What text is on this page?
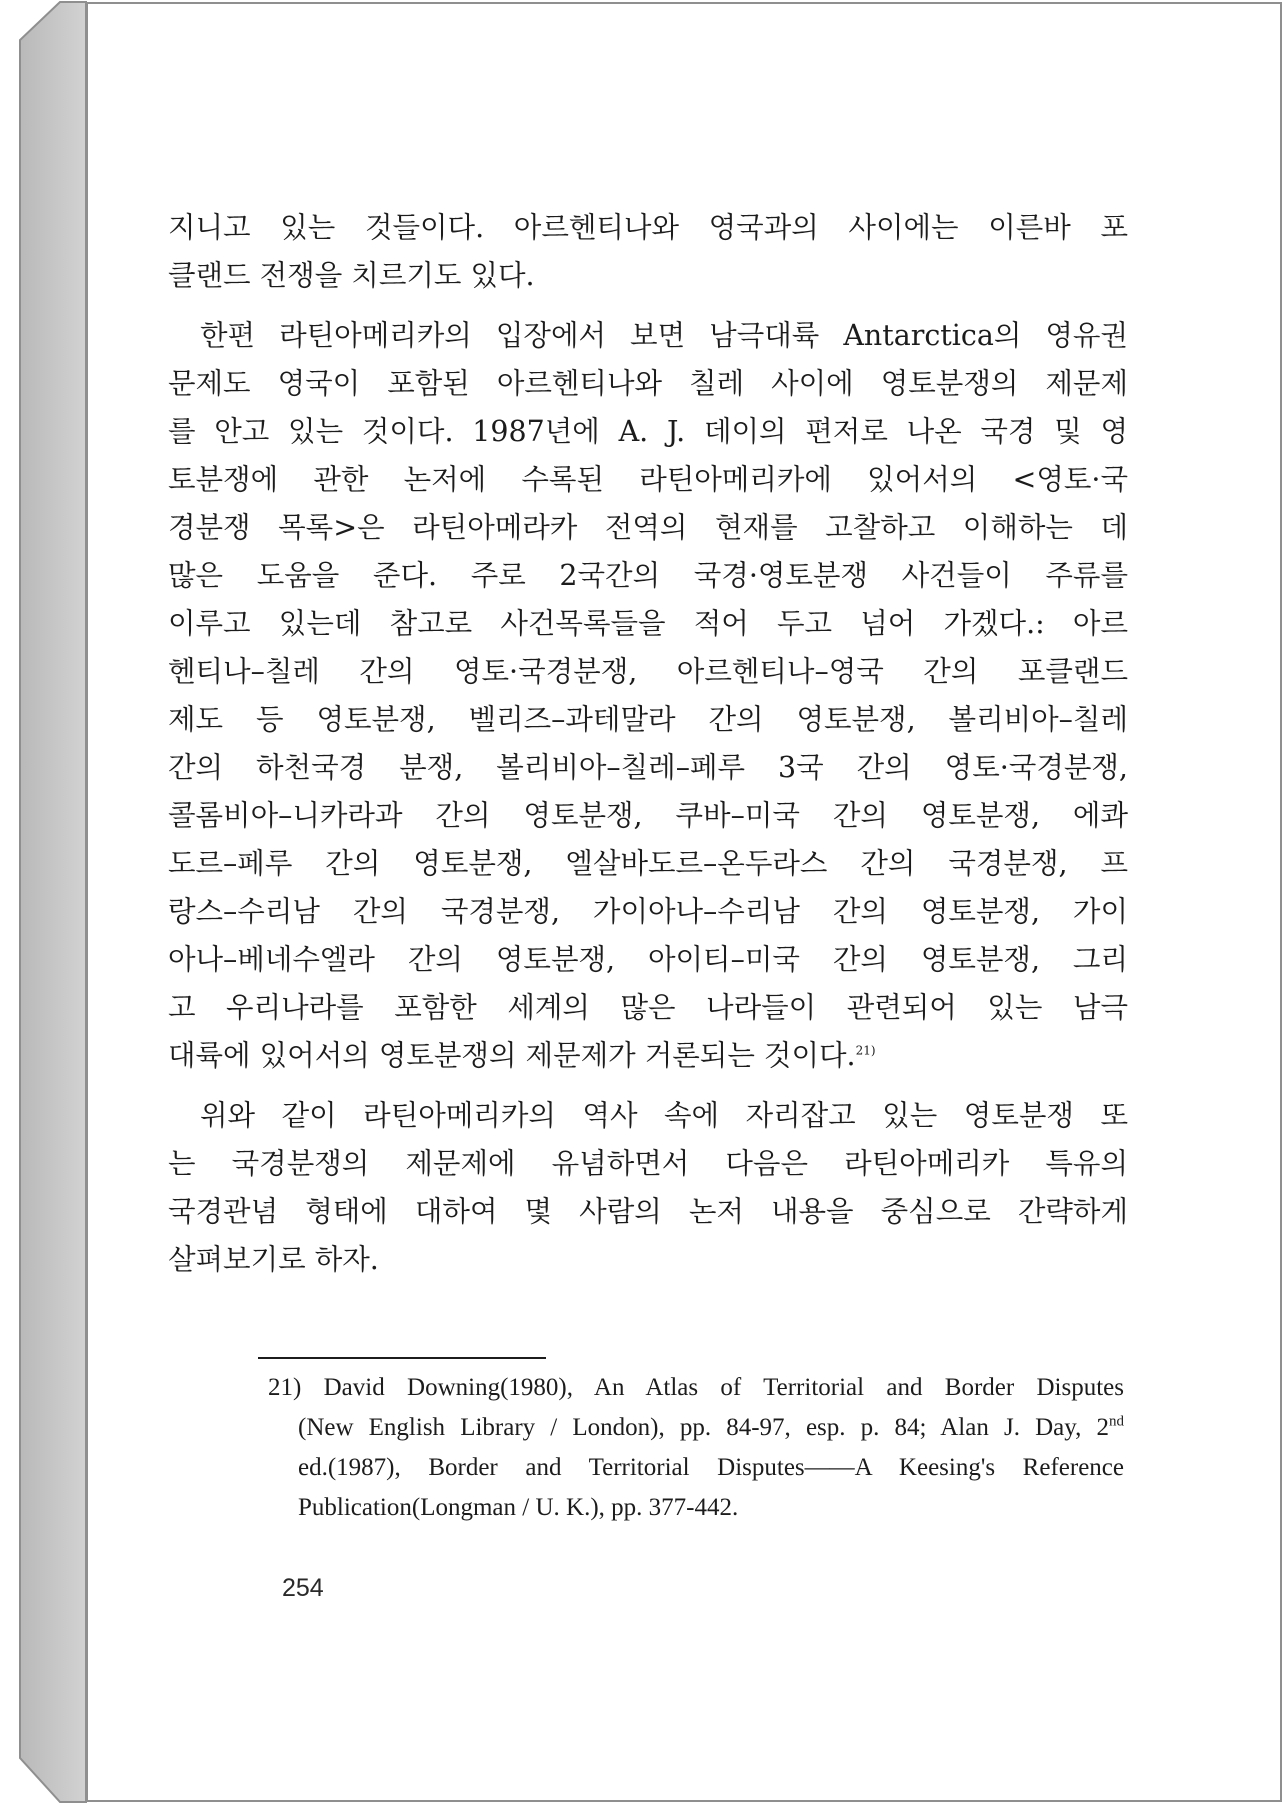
지니고 있는 것들이다. 아르헨티나와 영국과의 사이에는 이른바 포
클랜드 전쟁을 치르기도 있다.
한편 라틴아메리카의 입장에서 보면 남극대륙 Antarctica의 영유권
문제도 영국이 포함된 아르헨티나와 칠레 사이에 영토분쟁의 제문제
를 안고 있는 것이다. 1987년에 A. J. 데이의 편저로 나온 국경 및 영
토분쟁에 관한 논저에 수록된 라틴아메리카에 있어서의 <영토·국
경분쟁 목록>은 라틴아메라카 전역의 현재를 고찰하고 이해하는 데
많은 도움을 준다. 주로 2국간의 국경·영토분쟁 사건들이 주류를
이루고 있는데 참고로 사건목록들을 적어 두고 넘어 가겠다.: 아르
헨티나–칠레 간의 영토·국경분쟁, 아르헨티나–영국 간의 포클랜드
제도 등 영토분쟁, 벨리즈–과테말라 간의 영토분쟁, 볼리비아–칠레
간의 하천국경 분쟁, 볼리비아–칠레–페루 3국 간의 영토·국경분쟁,
콜롬비아–니카라과 간의 영토분쟁, 쿠바–미국 간의 영토분쟁, 에콰
도르–페루 간의 영토분쟁, 엘살바도르–온두라스 간의 국경분쟁, 프
랑스–수리남 간의 국경분쟁, 가이아나–수리남 간의 영토분쟁, 가이
아나–베네수엘라 간의 영토분쟁, 아이티–미국 간의 영토분쟁, 그리
고 우리나라를 포함한 세계의 많은 나라들이 관련되어 있는 남극
대륙에 있어서의 영토분쟁의 제문제가 거론되는 것이다.$^{21)}$
위와 같이 라틴아메리카의 역사 속에 자리잡고 있는 영토분쟁 또
는 국경분쟁의 제문제에 유념하면서 다음은 라틴아메리카 특유의
국경관념 형태에 대하여 몇 사람의 논저 내용을 중심으로 간략하게
살펴보기로 하자.
21) David Downing(1980), An Atlas of Territorial and Border Disputes
(New English Library / London), pp. 84-97, esp. p. 84; Alan J. Day, 2nd
ed.(1987), Border and Territorial Disputes——A Keesing's Reference
Publication(Longman / U. K.), pp. 377-442.
254
